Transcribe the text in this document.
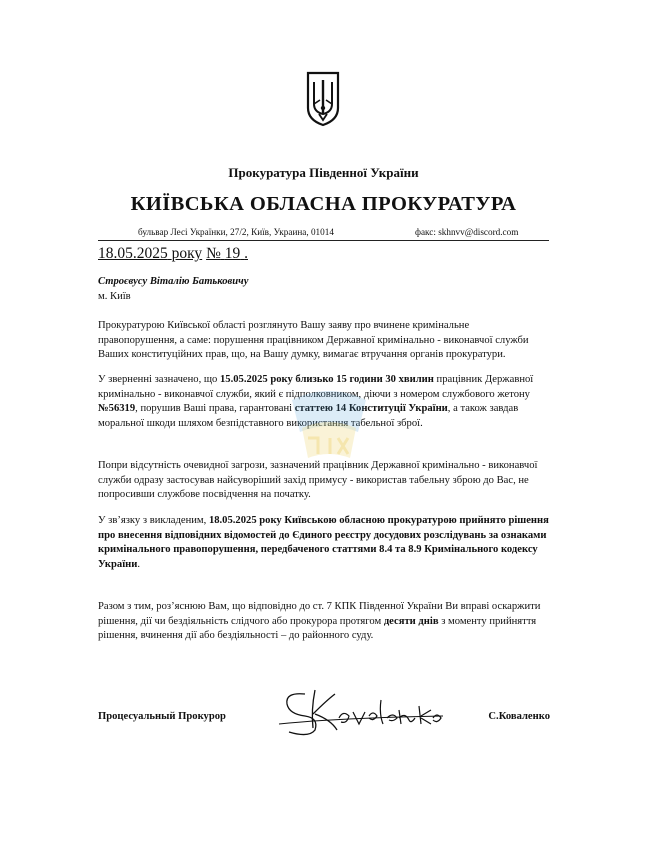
Прокуратура Південної України
КИЇВСЬКА ОБЛАСНА ПРОКУРАТУРА
бульвар Лесі Українки, 27/2, Київ, Украина, 01014	факс: skhnvv@discord.com
18.05.2025 року № 19 .
Строєвусу Віталію Батьковичу
м. Київ
Прокуратурою Київської області розглянуто Вашу заяву про вчинене кримінальне правопорушення, а саме: порушення працівником Державної кримінально - виконавчої служби Ваших конституційних прав, що, на Вашу думку, вимагає втручання органів прокуратури.
У зверненні зазначено, що 15.05.2025 року близько 15 години 30 хвилин працівник Державної кримінально - виконавчої служби, який є підполковником, діючи з номером службового жетону №56319, порушив Ваші права, гарантовані статтею 14 Конституції України, а також завдав моральної шкоди шляхом безпідставного використання табельної зброї.
Попри відсутність очевидної загрози, зазначений працівник Державної кримінально - виконавчої служби одразу застосував найсуворіший захід примусу - використав табельну зброю до Вас, не попросивши службове посвідчення на початку.
У зв’язку з викладеним, 18.05.2025 року Київською обласною прокуратурою прийнято рішення про внесення відповідних відомостей до Єдиного реєстру досудових розслідувань за ознаками кримінального правопорушення, передбаченого статтями 8.4 та 8.9 Кримінального кодексу України.
Разом з тим, роз’яснюю Вам, що відповідно до ст. 7 КПК Південної України Ви вправі оскаржити рішення, дії чи бездіяльність слідчого або прокурора протягом десяти днів з моменту прийняття рішення, вчинення дії або бездіяльності – до районного суду.
Процесуальный Прокурор	С.Коваленко
